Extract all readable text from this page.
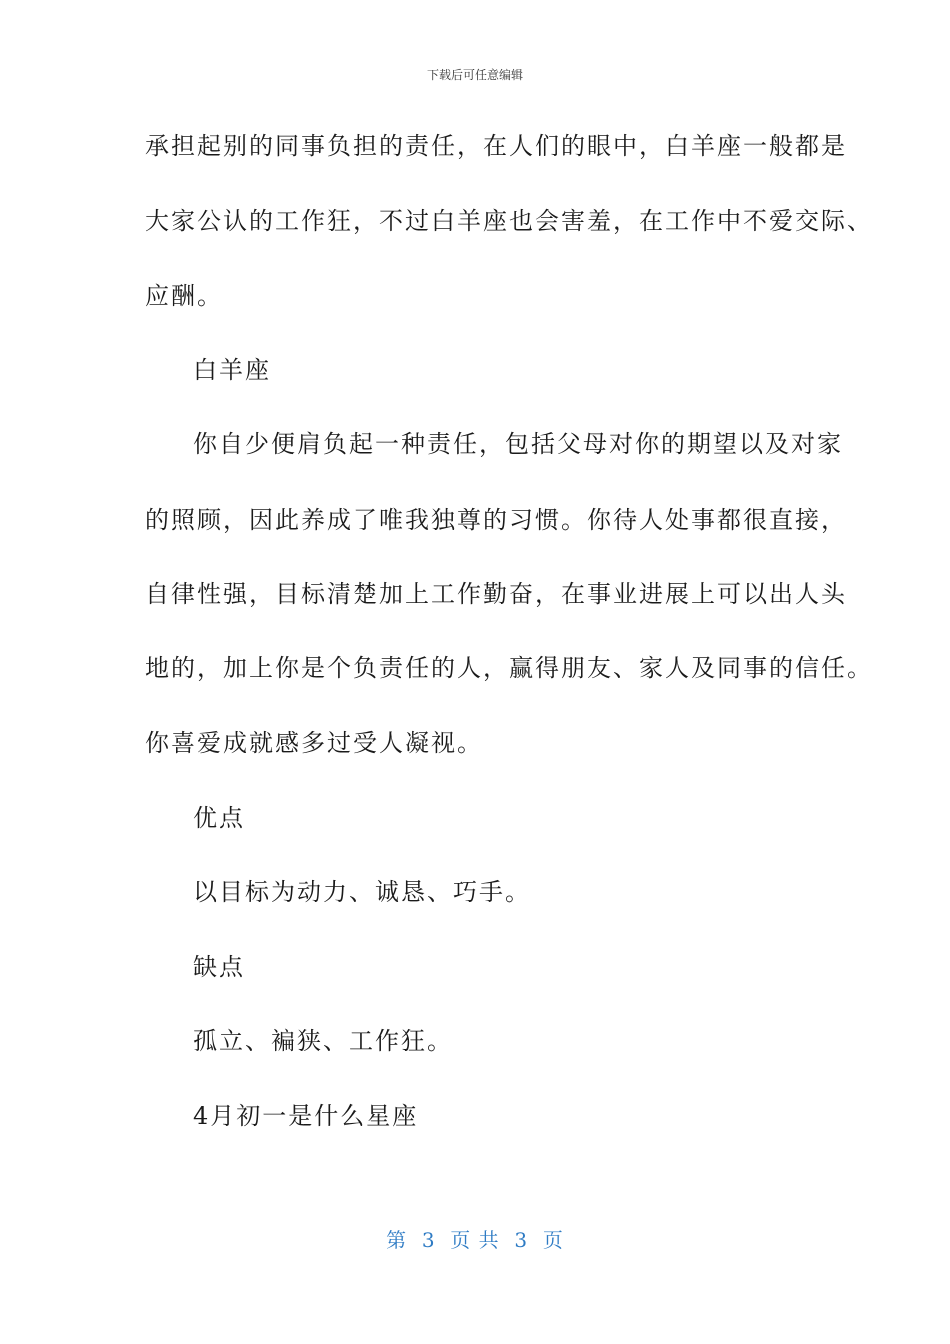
下载后可任意编辑
承担起别的同事负担的责任，在人们的眼中，白羊座一般都是
大家公认的工作狂，不过白羊座也会害羞，在工作中不爱交际、
应酬。
白羊座
你自少便肩负起一种责任，包括父母对你的期望以及对家
的照顾，因此养成了唯我独尊的习惯。你待人处事都很直接，
自律性强，目标清楚加上工作勤奋，在事业进展上可以出人头
地的，加上你是个负责任的人，赢得朋友、家人及同事的信任。
你喜爱成就感多过受人凝视。
优点
以目标为动力、诚恳、巧手。
缺点
孤立、褊狭、工作狂。
4月初一是什么星座
第  3  页 共  3  页
